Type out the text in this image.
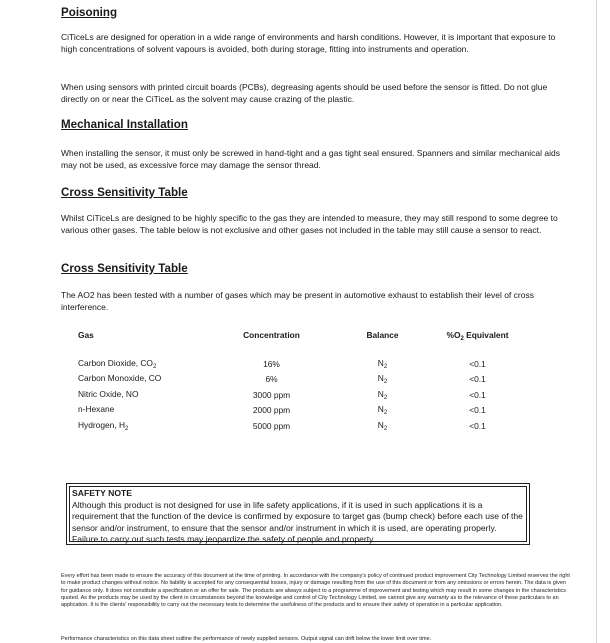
Poisoning

CiTiceLs are designed for operation in a wide range of environments and harsh conditions. However, it is important that exposure to high concentrations of solvent vapours is avoided, both during storage, fitting into instruments and operation.

When using sensors with printed circuit boards (PCBs), degreasing agents should be used before the sensor is fitted. Do not glue directly on or near the CiTiceL as the solvent may cause crazing of the plastic.

Mechanical Installation

When installing the sensor, it must only be screwed in hand-tight and a gas tight seal ensured. Spanners and similar mechanical aids may not be used, as excessive force may damage the sensor thread.

Cross Sensitivity Table

Whilst CiTiceLs are designed to be highly specific to the gas they are intended to measure, they may still respond to some degree to various other gases. The table below is not exclusive and other gases not included in the table may still cause a sensor to react.

Cross Sensitivity Table

The AO2 has been tested with a number of gases which may be present in automotive exhaust to establish their level of cross interference.

Gas	Concentration	Balance	$\%O_2$ Equivalent
Carbon Dioxide, $CO_2$	16%	$N_2$	<0.1
Carbon Monoxide, CO	6%	$N_2$	<0.1
Nitric Oxide, NO	3000 ppm	$N_2$	<0.1
n-Hexane	2000 ppm	$N_2$	<0.1
Hydrogen, $H_2$	5000 ppm	$N_2$	<0.1
SAFETY NOTE
Although this product is not designed for use in life safety applications, if it is used in such applications it is a requirement that the function of the device is confirmed by exposure to target gas (bump check) before each use of the sensor and/or instrument, to ensure that the sensor and/or instrument in which it is used, are operating properly. Failure to carry out such tests may jeopardize the safety of people and property.

Every effort has been made to ensure the accuracy of this document at the time of printing. In accordance with the company's policy of continued product improvement City Technology Limited reserves the right to make product changes without notice. No liability is accepted for any consequential losses, injury or damage resulting from the use of this document or from any omissions or errors herein. The data is given for guidance only. It does not constitute a specification or an offer for sale. The products are always subject to a programme of improvement and testing which may result in some changes in the characteristics quoted. As the products may be used by the client in circumstances beyond the knowledge and control of City Technology Limited, we cannot give any warranty as to the relevance of these particulars to an application. It is the clients' responsibility to carry out the necessary tests to determine the usefulness of the products and to ensure their safety of operation in a particular application.

Performance characteristics on this data sheet outline the performance of newly supplied sensors. Output signal can drift below the lower limit over time.
